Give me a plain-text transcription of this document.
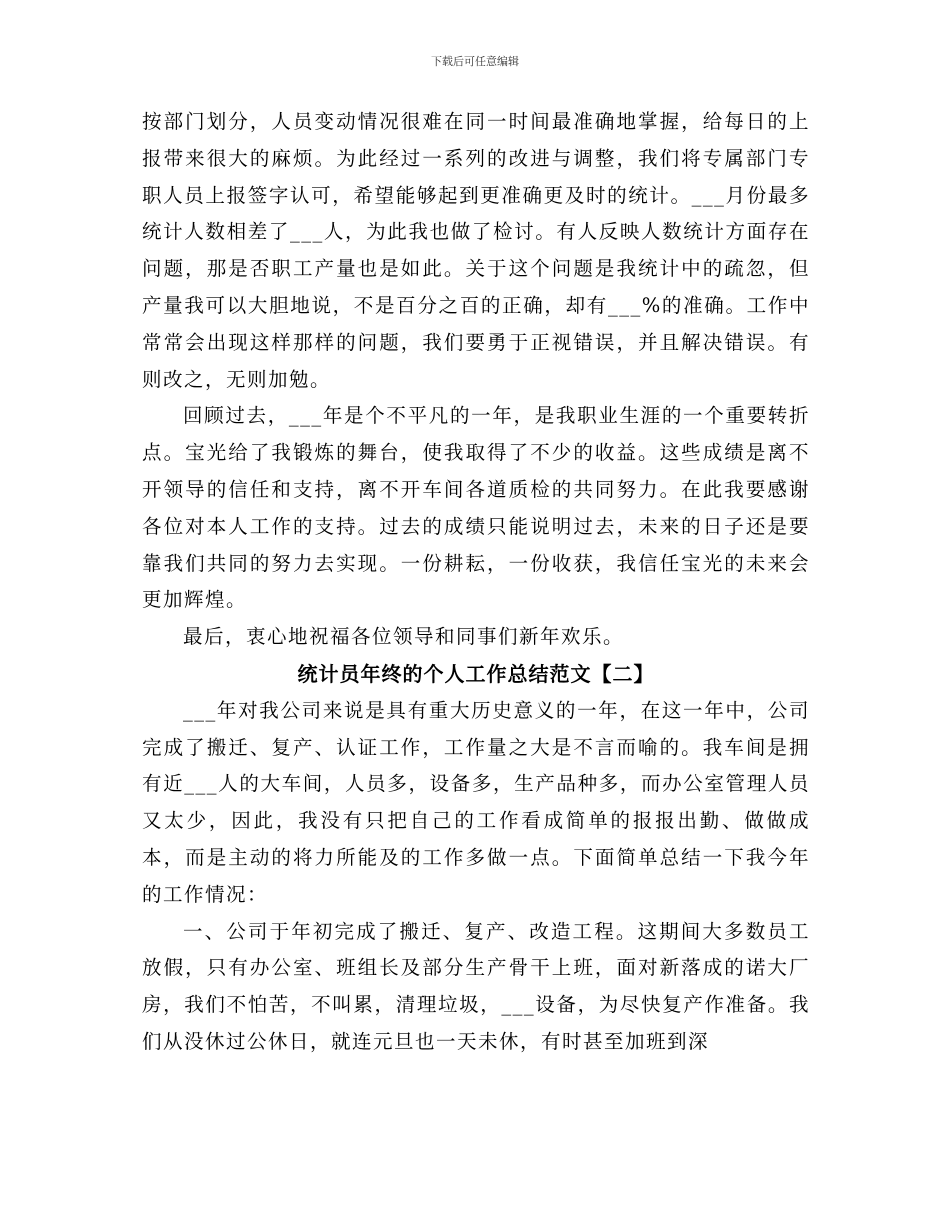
下载后可任意编辑

按部门划分，人员变动情况很难在同一时间最准确地掌握，给每日的上报带来很大的麻烦。为此经过一系列的改进与调整，我们将专属部门专职人员上报签字认可，希望能够起到更准确更及时的统计。___月份最多统计人数相差了___人，为此我也做了检讨。有人反映人数统计方面存在问题，那是否职工产量也是如此。关于这个问题是我统计中的疏忽，但产量我可以大胆地说，不是百分之百的正确，却有___%的准确。工作中常常会出现这样那样的问题，我们要勇于正视错误，并且解决错误。有则改之，无则加勉。

回顾过去，___年是个不平凡的一年，是我职业生涯的一个重要转折点。宝光给了我锻炼的舞台，使我取得了不少的收益。这些成绩是离不开领导的信任和支持，离不开车间各道质检的共同努力。在此我要感谢各位对本人工作的支持。过去的成绩只能说明过去，未来的日子还是要靠我们共同的努力去实现。一份耕耘，一份收获，我信任宝光的未来会更加辉煌。

最后，衷心地祝福各位领导和同事们新年欢乐。

统计员年终的个人工作总结范文【二】

___年对我公司来说是具有重大历史意义的一年，在这一年中，公司完成了搬迁、复产、认证工作，工作量之大是不言而喻的。我车间是拥有近___人的大车间，人员多，设备多，生产品种多，而办公室管理人员又太少，因此，我没有只把自己的工作看成简单的报报出勤、做做成本，而是主动的将力所能及的工作多做一点。下面简单总结一下我今年的工作情况：

一、公司于年初完成了搬迁、复产、改造工程。这期间大多数员工放假，只有办公室、班组长及部分生产骨干上班，面对新落成的诺大厂房，我们不怕苦，不叫累，清理垃圾，___设备，为尽快复产作准备。我们从没休过公休日，就连元旦也一天未休，有时甚至加班到深
